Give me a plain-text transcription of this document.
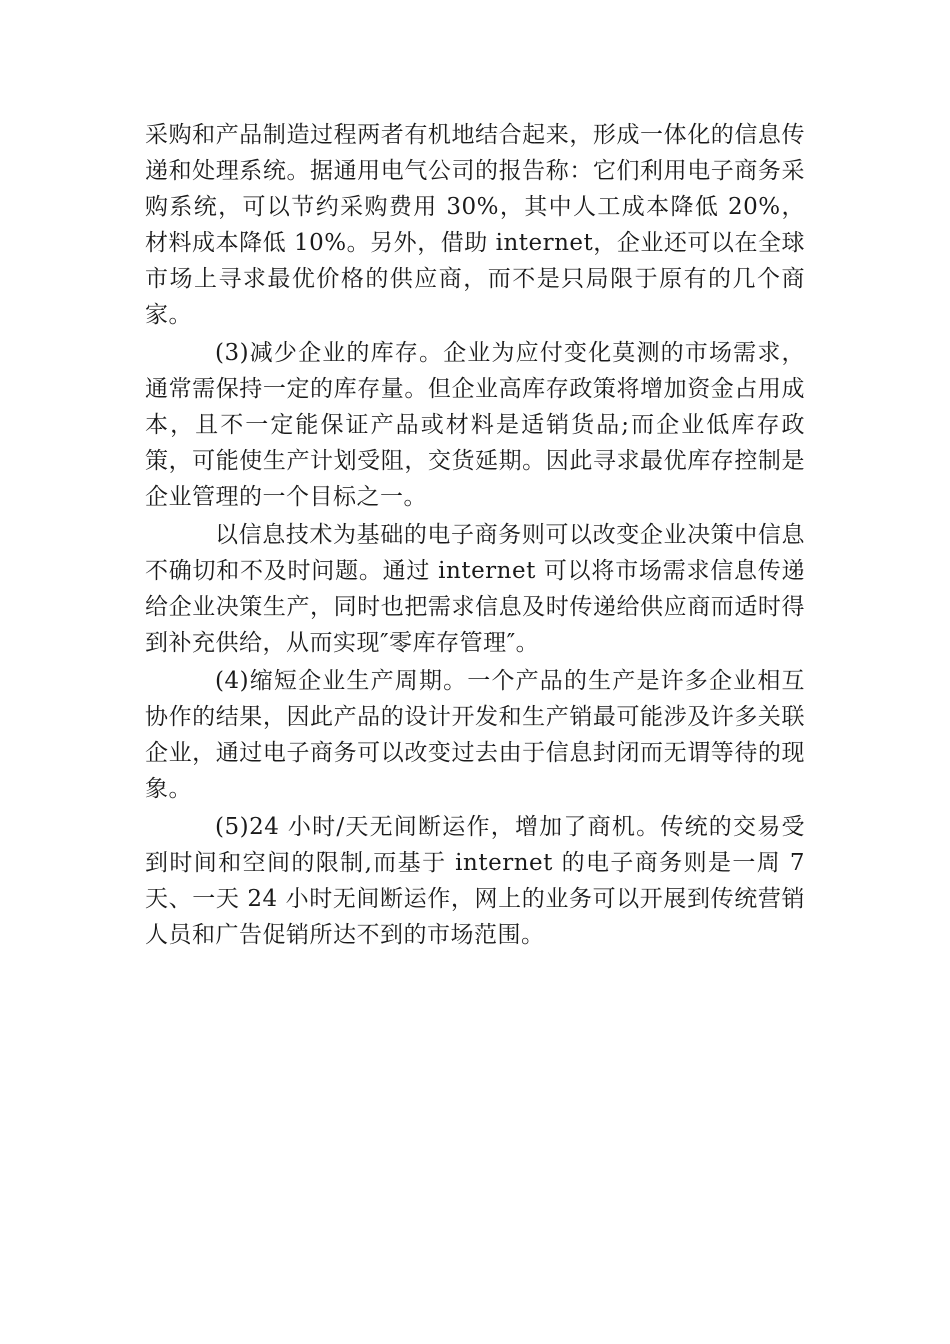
采购和产品制造过程两者有机地结合起来，形成一体化的信息传递和处理系统。据通用电气公司的报告称：它们利用电子商务采购系统，可以节约采购费用 30%，其中人工成本降低 20%，材料成本降低 10%。另外，借助 internet，企业还可以在全球市场上寻求最优价格的供应商，而不是只局限于原有的几个商家。

(3)减少企业的库存。企业为应付变化莫测的市场需求，通常需保持一定的库存量。但企业高库存政策将增加资金占用成本，且不一定能保证产品或材料是适销货品;而企业低库存政策，可能使生产计划受阻，交货延期。因此寻求最优库存控制是企业管理的一个目标之一。

以信息技术为基础的电子商务则可以改变企业决策中信息不确切和不及时问题。通过 internet 可以将市场需求信息传递给企业决策生产，同时也把需求信息及时传递给供应商而适时得到补充供给，从而实现″零库存管理″。

(4)缩短企业生产周期。一个产品的生产是许多企业相互协作的结果，因此产品的设计开发和生产销最可能涉及许多关联企业，通过电子商务可以改变过去由于信息封闭而无谓等待的现象。

(5)24 小时/天无间断运作，增加了商机。传统的交易受到时间和空间的限制,而基于 internet 的电子商务则是一周 7 天、一天 24 小时无间断运作，网上的业务可以开展到传统营销人员和广告促销所达不到的市场范围。
